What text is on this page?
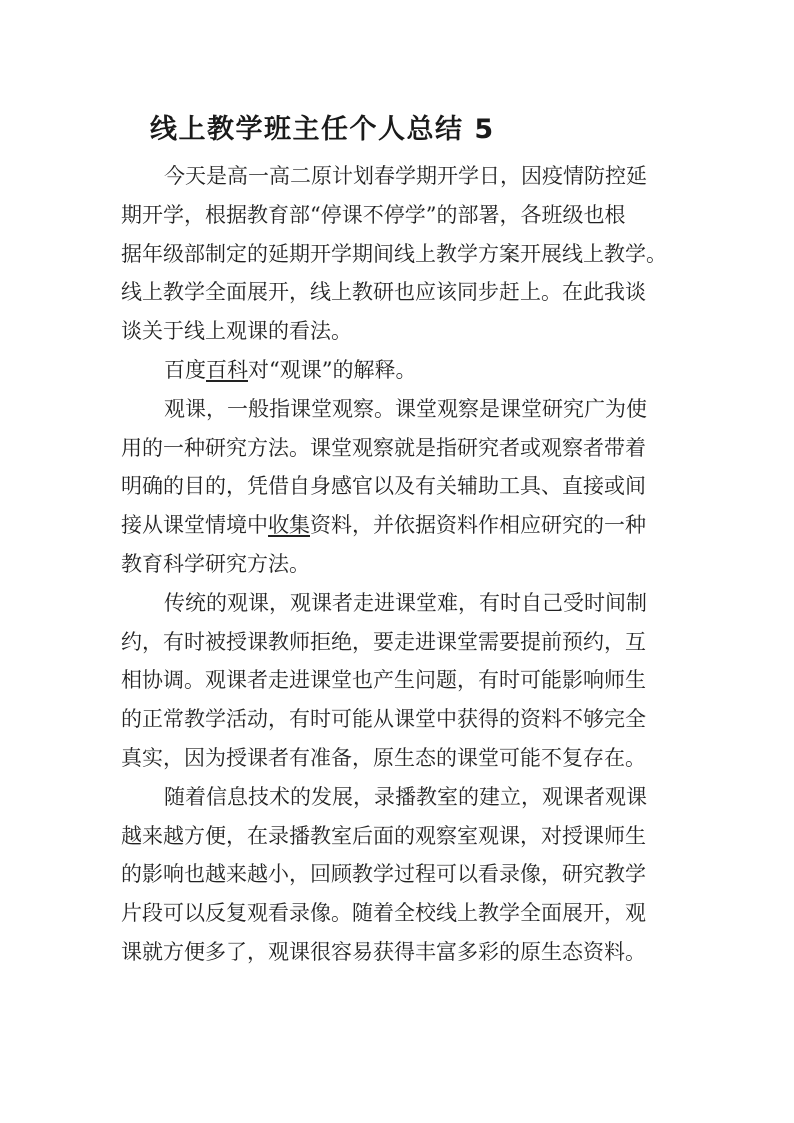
线上教学班主任个人总结 5
今天是高一高二原计划春学期开学日，因疫情防控延
期开学，根据教育部“停课不停学”的部署，各班级也根
据年级部制定的延期开学期间线上教学方案开展线上教学。
线上教学全面展开，线上教研也应该同步赶上。在此我谈
谈关于线上观课的看法。
百度百科对“观课”的解释。
观课，一般指课堂观察。课堂观察是课堂研究广为使
用的一种研究方法。课堂观察就是指研究者或观察者带着
明确的目的，凭借自身感官以及有关辅助工具、直接或间
接从课堂情境中收集资料，并依据资料作相应研究的一种
教育科学研究方法。
传统的观课，观课者走进课堂难，有时自己受时间制
约，有时被授课教师拒绝，要走进课堂需要提前预约，互
相协调。观课者走进课堂也产生问题，有时可能影响师生
的正常教学活动，有时可能从课堂中获得的资料不够完全
真实，因为授课者有准备，原生态的课堂可能不复存在。
随着信息技术的发展，录播教室的建立，观课者观课
越来越方便，在录播教室后面的观察室观课，对授课师生
的影响也越来越小，回顾教学过程可以看录像，研究教学
片段可以反复观看录像。随着全校线上教学全面展开，观
课就方便多了，观课很容易获得丰富多彩的原生态资料。
